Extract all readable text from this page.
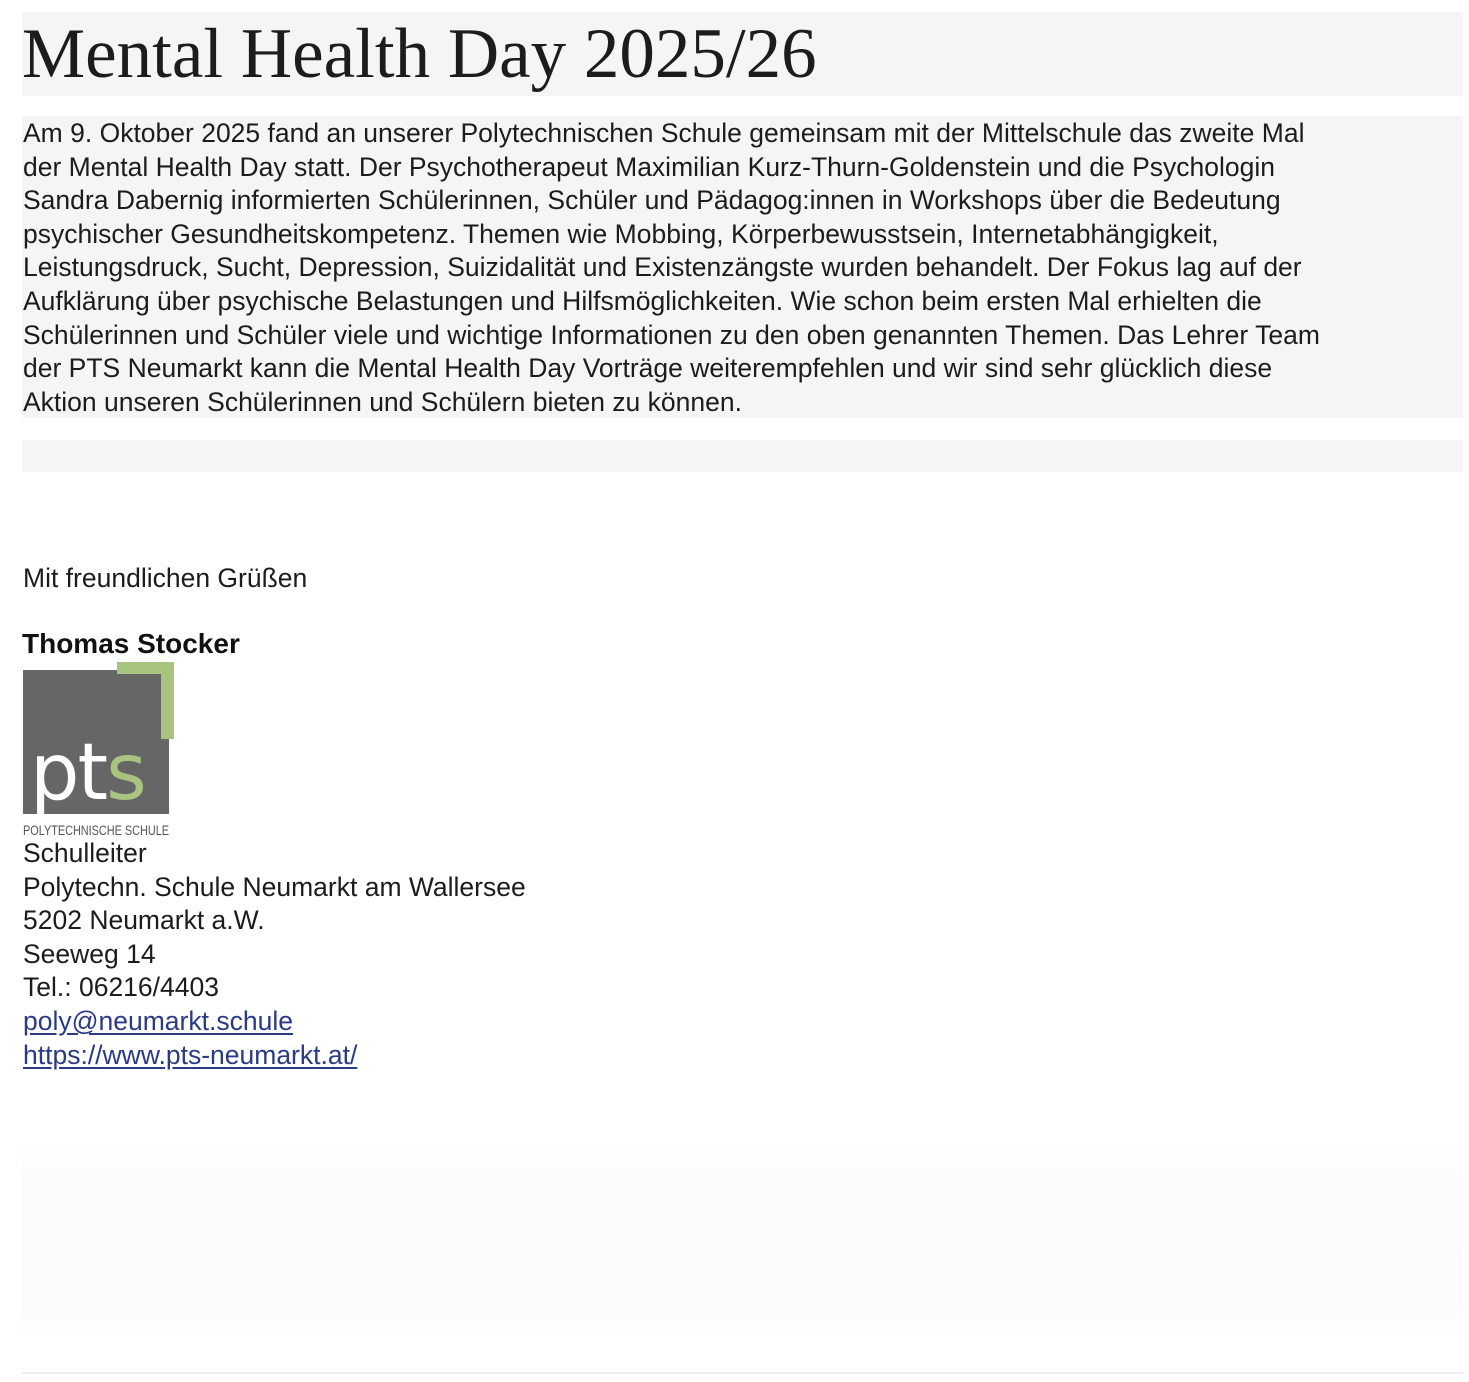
Mental Health Day 2025/26

Am 9. Oktober 2025 fand an unserer Polytechnischen Schule gemeinsam mit der Mittelschule das zweite Mal
der Mental Health Day statt. Der Psychotherapeut Maximilian Kurz-Thurn-Goldenstein und die Psychologin
Sandra Dabernig informierten Schülerinnen, Schüler und Pädagog:innen in Workshops über die Bedeutung
psychischer Gesundheitskompetenz. Themen wie Mobbing, Körperbewusstsein, Internetabhängigkeit,
Leistungsdruck, Sucht, Depression, Suizidalität und Existenzängste wurden behandelt. Der Fokus lag auf der
Aufklärung über psychische Belastungen und Hilfsmöglichkeiten. Wie schon beim ersten Mal erhielten die
Schülerinnen und Schüler viele und wichtige Informationen zu den oben genannten Themen. Das Lehrer Team
der PTS Neumarkt kann die Mental Health Day Vorträge weiterempfehlen und wir sind sehr glücklich diese
Aktion unseren Schülerinnen und Schülern bieten zu können.

Mit freundlichen Grüßen
Thomas Stocker
pts
POLYTECHNISCHE SCHULE
Schulleiter
Polytechn. Schule Neumarkt am Wallersee
5202 Neumarkt a.W.
Seeweg 14
Tel.: 06216/4403
poly@neumarkt.schule
https://www.pts-neumarkt.at/
